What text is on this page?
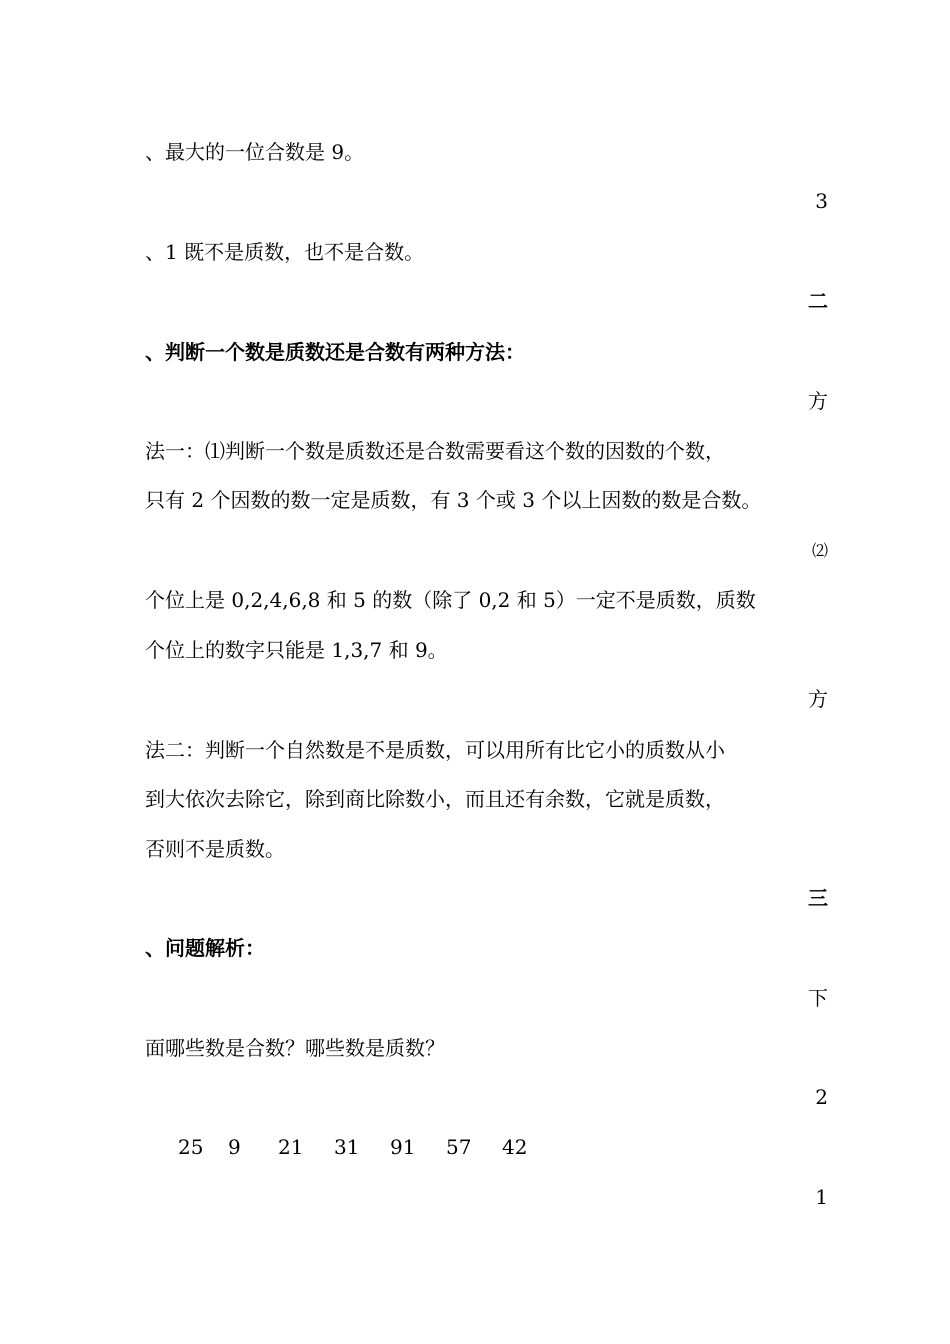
、最大的一位合数是 9。
3
、1 既不是质数，也不是合数。
二
、判断一个数是质数还是合数有两种方法：
方
法一：⑴判断一个数是质数还是合数需要看这个数的因数的个数，
只有 2 个因数的数一定是质数，有 3 个或 3 个以上因数的数是合数。
⑵
个位上是 0,2,4,6,8 和 5 的数（除了 0,2 和 5）一定不是质数，质数
个位上的数字只能是 1,3,7 和 9。
方
法二：判断一个自然数是不是质数，可以用所有比它小的质数从小
到大依次去除它，除到商比除数小，而且还有余数，它就是质数，
否则不是质数。
三
、问题解析：
下
面哪些数是合数？哪些数是质数？
2
25 9 21 31 91 57 42
1
